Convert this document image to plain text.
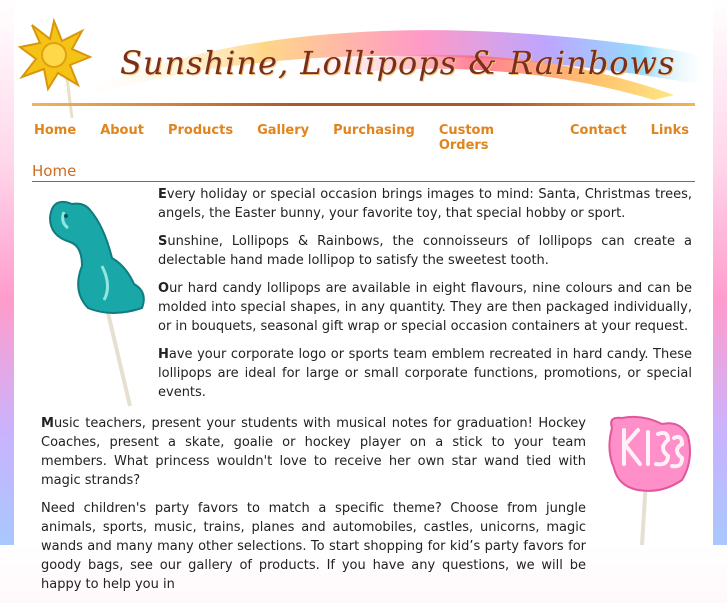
Sunshine, Lollipops & Rainbows
Home About Products Gallery Purchasing Custom Orders
Contact Links
Home

Every holiday or special occasion brings images to mind: Santa, Christmas trees, angels, the Easter bunny, your favorite toy, that special hobby or sport.

Sunshine, Lollipops & Rainbows, the connoisseurs of lollipops can create a delectable hand made lollipop to satisfy the sweetest tooth.

Our hard candy lollipops are available in eight flavours, nine colours and can be molded into special shapes, in any quantity. They are then packaged individually, or in bouquets, seasonal gift wrap or special occasion containers at your request.

Have your corporate logo or sports team emblem recreated in hard candy. These lollipops are ideal for large or small corporate functions, promotions, or special events.

Music teachers, present your students with musical notes for graduation! Hockey Coaches, present a skate, goalie or hockey player on a stick to your team members. What princess wouldn't love to receive her own star wand tied with magic strands?

Need children's party favors to match a specific theme? Choose from jungle animals, sports, music, trains, planes and automobiles, castles, unicorns, magic wands and many many other selections. To start shopping for kid’s party favors for goody bags, see our gallery of products. If you have any questions, we will be happy to help you in
